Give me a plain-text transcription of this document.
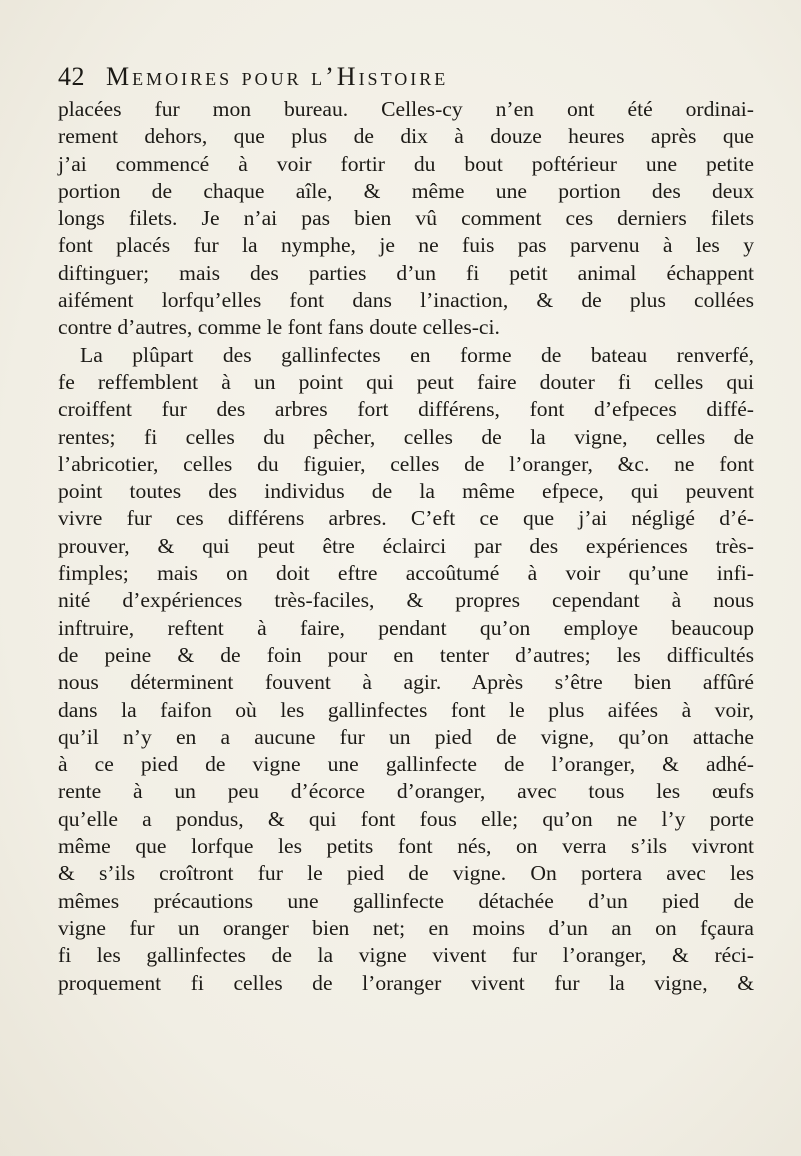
42 Memoires pour l’Histoire
placées fur mon bureau. Celles-cy n’en ont été ordinai-
rement dehors, que plus de dix à douze heures après que
j’ai commencé à voir fortir du bout poftérieur une petite
portion de chaque aîle, & même une portion des deux
longs filets. Je n’ai pas bien vû comment ces derniers filets
font placés fur la nymphe, je ne fuis pas parvenu à les y
diftinguer; mais des parties d’un fi petit animal échappent
aifément lorfqu’elles font dans l’inaction, & de plus collées
contre d’autres, comme le font fans doute celles-ci.
La plûpart des gallinfectes en forme de bateau renverfé,
fe reffemblent à un point qui peut faire douter fi celles qui
croiffent fur des arbres fort différens, font d’efpeces diffé-
rentes; fi celles du pêcher, celles de la vigne, celles de
l’abricotier, celles du figuier, celles de l’oranger, &c. ne font
point toutes des individus de la même efpece, qui peuvent
vivre fur ces différens arbres. C’eft ce que j’ai négligé d’é-
prouver, & qui peut être éclairci par des expériences très-
fimples; mais on doit eftre accoûtumé à voir qu’une infi-
nité d’expériences très-faciles, & propres cependant à nous
inftruire, reftent à faire, pendant qu’on employe beaucoup
de peine & de foin pour en tenter d’autres; les difficultés
nous déterminent fouvent à agir. Après s’être bien affûré
dans la faifon où les gallinfectes font le plus aifées à voir,
qu’il n’y en a aucune fur un pied de vigne, qu’on attache
à ce pied de vigne une gallinfecte de l’oranger, & adhé-
rente à un peu d’écorce d’oranger, avec tous les œufs
qu’elle a pondus, & qui font fous elle; qu’on ne l’y porte
même que lorfque les petits font nés, on verra s’ils vivront
& s’ils croîtront fur le pied de vigne. On portera avec les
mêmes précautions une gallinfecte détachée d’un pied de
vigne fur un oranger bien net; en moins d’un an on fçaura
fi les gallinfectes de la vigne vivent fur l’oranger, & réci-
proquement fi celles de l’oranger vivent fur la vigne, &
